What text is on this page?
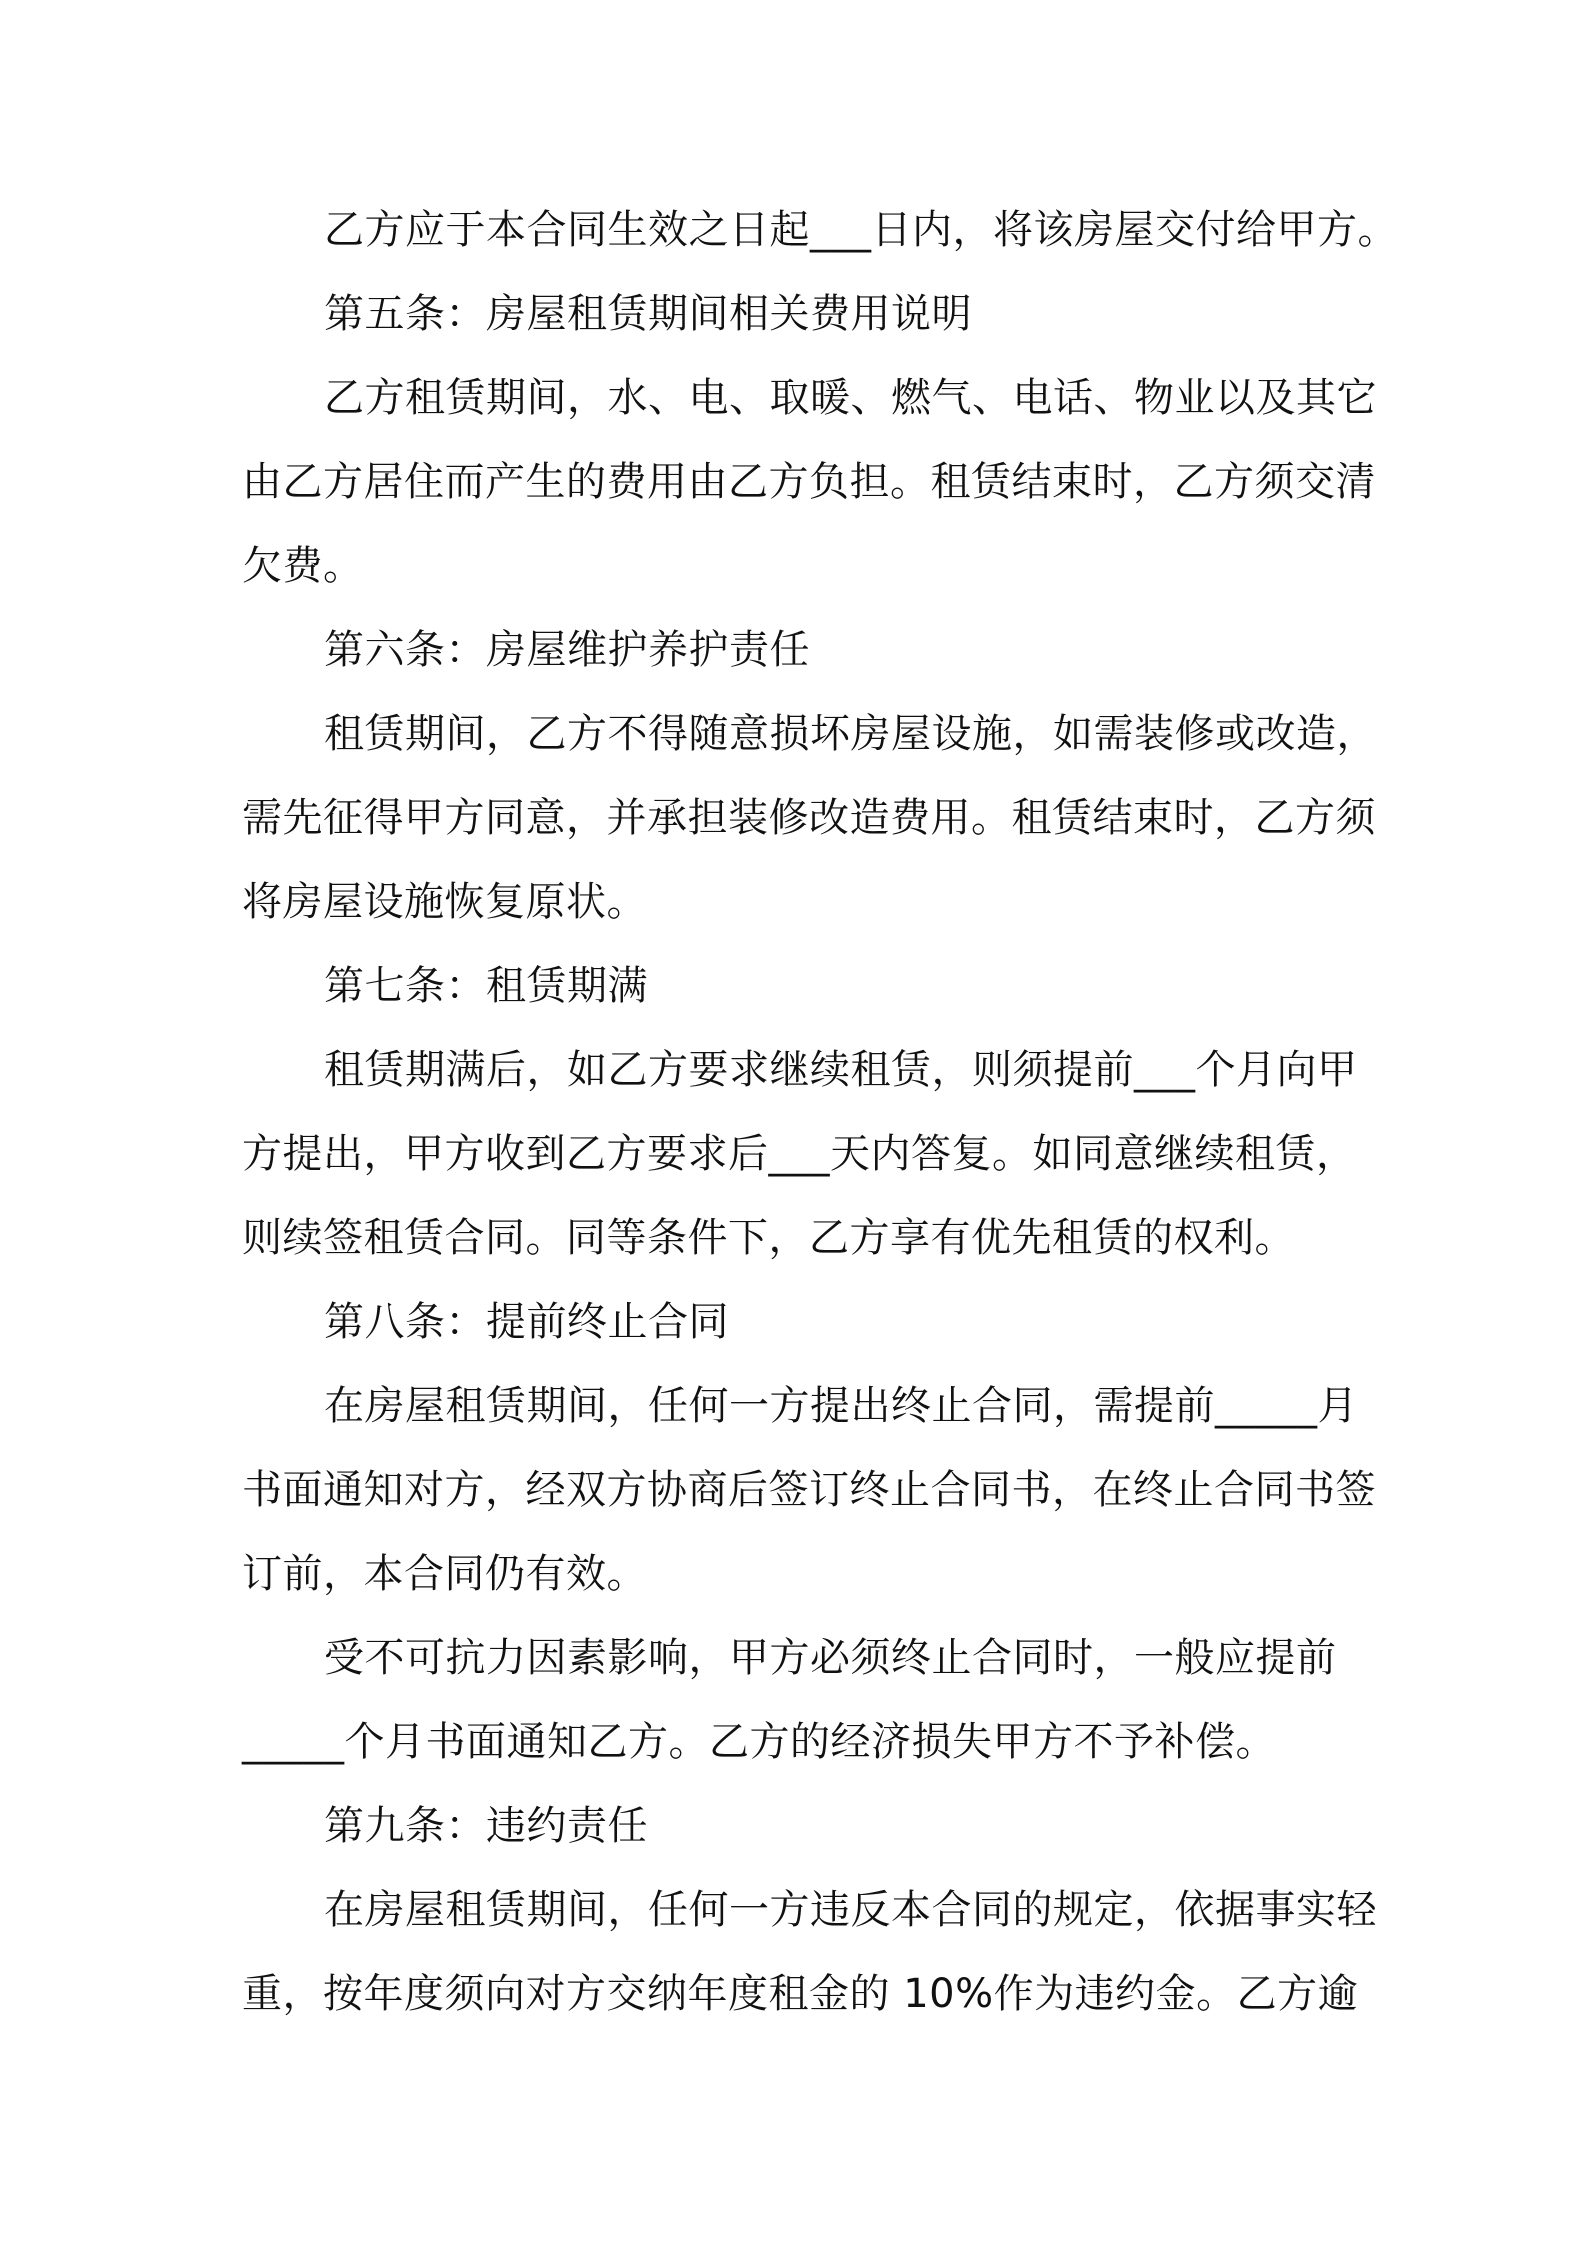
乙方应于本合同生效之日起___日内，将该房屋交付给甲方。
第五条：房屋租赁期间相关费用说明
乙方租赁期间，水、电、取暖、燃气、电话、物业以及其它
由乙方居住而产生的费用由乙方负担。租赁结束时，乙方须交清
欠费。
第六条：房屋维护养护责任
租赁期间，乙方不得随意损坏房屋设施，如需装修或改造，
需先征得甲方同意，并承担装修改造费用。租赁结束时，乙方须
将房屋设施恢复原状。
第七条：租赁期满
租赁期满后，如乙方要求继续租赁，则须提前___个月向甲
方提出，甲方收到乙方要求后___天内答复。如同意继续租赁，
则续签租赁合同。同等条件下，乙方享有优先租赁的权利。
第八条：提前终止合同
在房屋租赁期间，任何一方提出终止合同，需提前_____月
书面通知对方，经双方协商后签订终止合同书，在终止合同书签
订前，本合同仍有效。
受不可抗力因素影响，甲方必须终止合同时，一般应提前
_____个月书面通知乙方。乙方的经济损失甲方不予补偿。
第九条：违约责任
在房屋租赁期间，任何一方违反本合同的规定，依据事实轻
重，按年度须向对方交纳年度租金的 10%作为违约金。乙方逾
